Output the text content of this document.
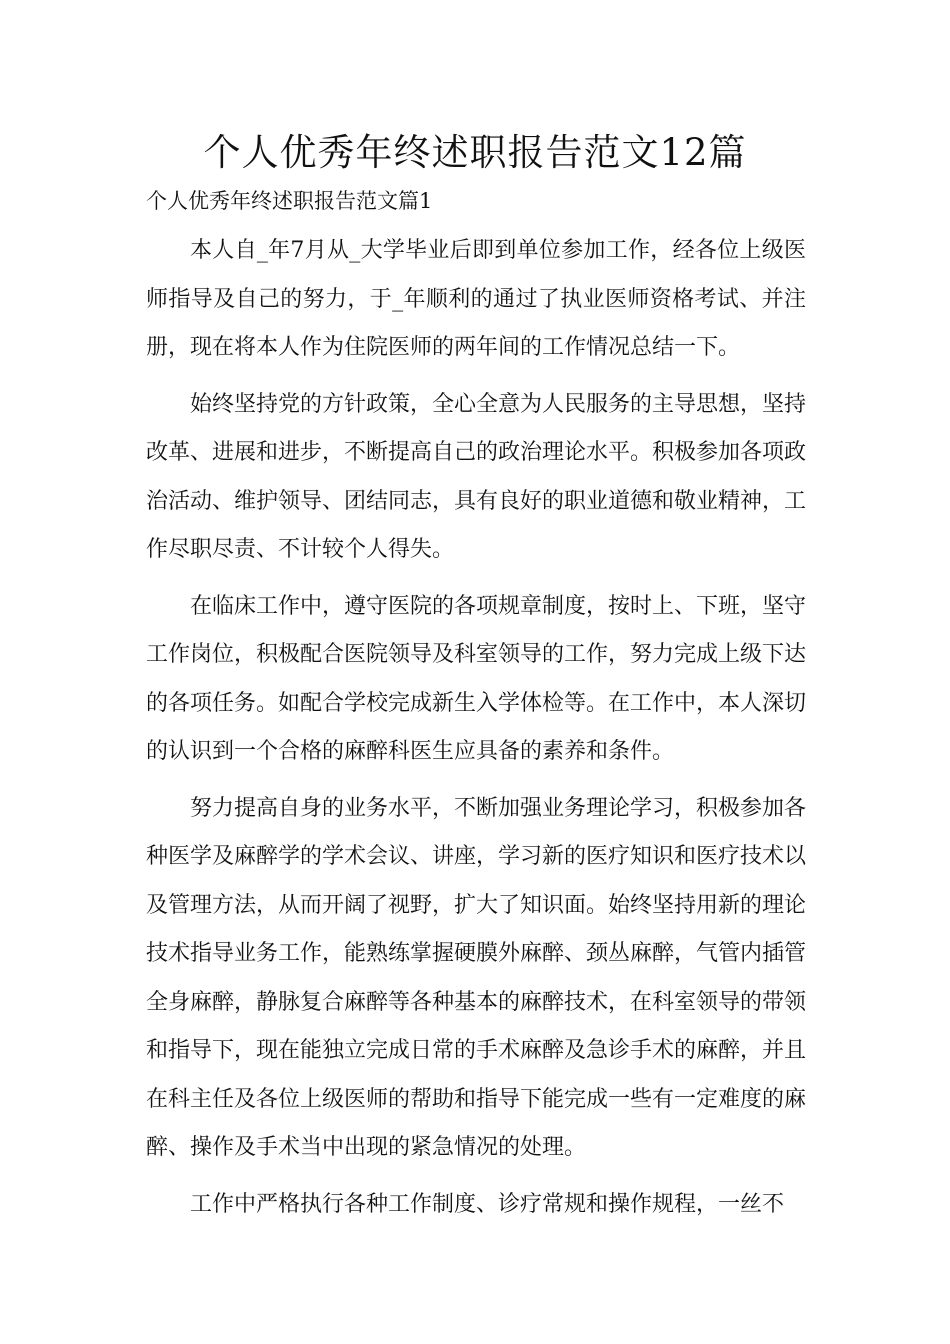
个人优秀年终述职报告范文12篇
个人优秀年终述职报告范文篇1

本人自_年7月从_大学毕业后即到单位参加工作，经各位上级医师指导及自己的努力，于_年顺利的通过了执业医师资格考试、并注册，现在将本人作为住院医师的两年间的工作情况总结一下。

始终坚持党的方针政策，全心全意为人民服务的主导思想，坚持改革、进展和进步，不断提高自己的政治理论水平。积极参加各项政治活动、维护领导、团结同志，具有良好的职业道德和敬业精神，工作尽职尽责、不计较个人得失。

在临床工作中，遵守医院的各项规章制度，按时上、下班，坚守工作岗位，积极配合医院领导及科室领导的工作，努力完成上级下达的各项任务。如配合学校完成新生入学体检等。在工作中，本人深切的认识到一个合格的麻醉科医生应具备的素养和条件。

努力提高自身的业务水平，不断加强业务理论学习，积极参加各种医学及麻醉学的学术会议、讲座，学习新的医疗知识和医疗技术以及管理方法，从而开阔了视野，扩大了知识面。始终坚持用新的理论技术指导业务工作，能熟练掌握硬膜外麻醉、颈丛麻醉，气管内插管全身麻醉，静脉复合麻醉等各种基本的麻醉技术，在科室领导的带领和指导下，现在能独立完成日常的手术麻醉及急诊手术的麻醉，并且在科主任及各位上级医师的帮助和指导下能完成一些有一定难度的麻醉、操作及手术当中出现的紧急情况的处理。

工作中严格执行各种工作制度、诊疗常规和操作规程，一丝不
